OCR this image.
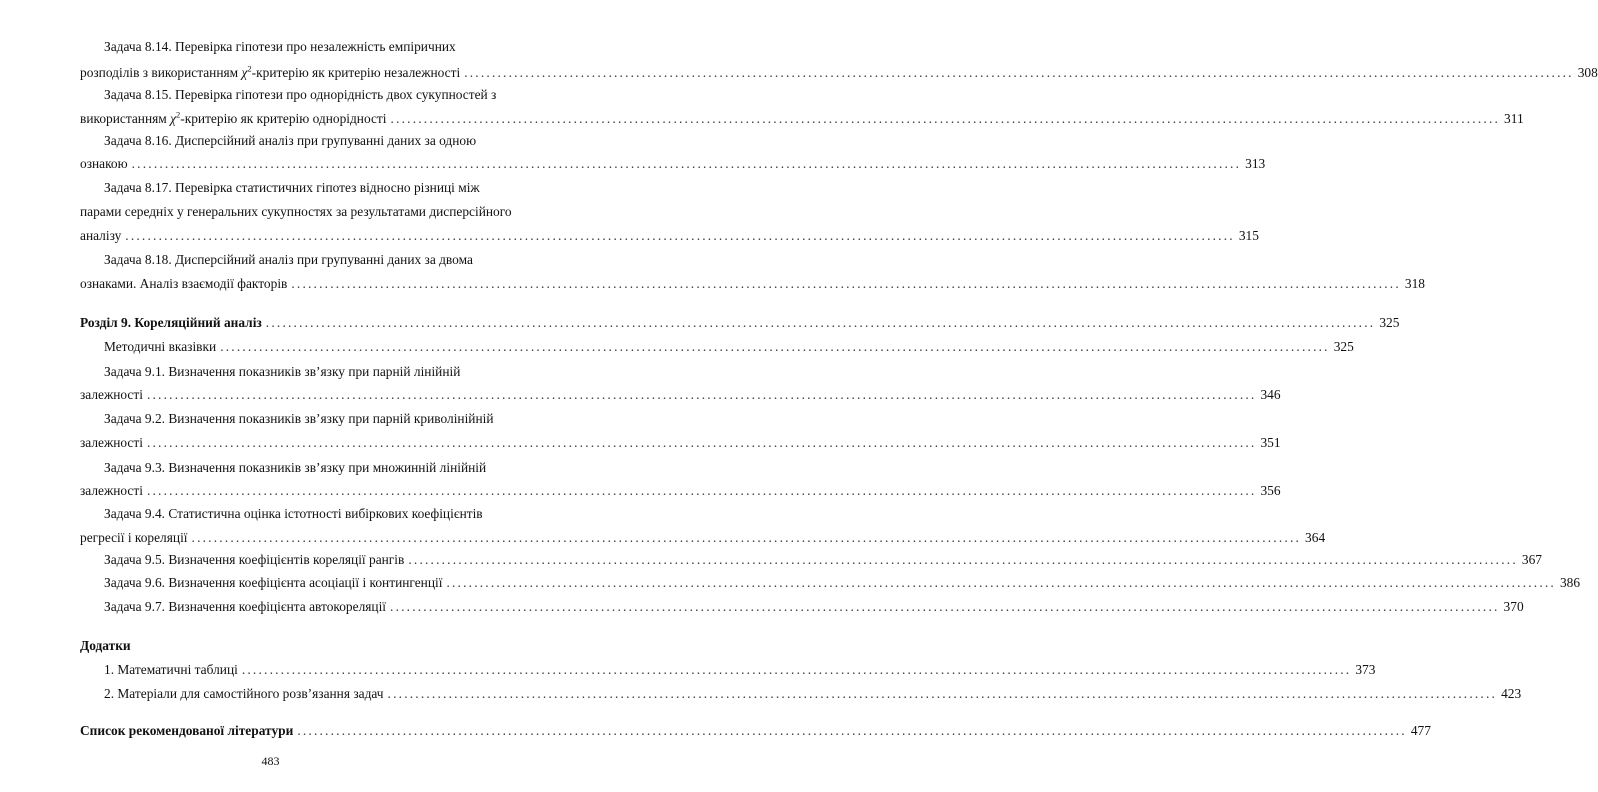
Задача 8.14. Перевірка гіпотези про незалежність емпіричних
розподілів з використанням $\chi^2$-критерію як критерію незалежності ........................................................................................................................................................................................................ 308
Задача 8.15. Перевірка гіпотези про однорідність двох сукупностей з
використанням $\chi^2$-критерію як критерію однорідності ........................................................................................................................................................................................................ 311
Задача 8.16. Дисперсійний аналіз при групуванні даних за одною
ознакою ........................................................................................................................................................................................................ 313
Задача 8.17. Перевірка статистичних гіпотез відносно різниці між
парами середніх у генеральних сукупностях за результатами дисперсійного
аналізу ........................................................................................................................................................................................................ 315
Задача 8.18. Дисперсійний аналіз при групуванні даних за двома
ознаками. Аналіз взаємодії факторів ........................................................................................................................................................................................................ 318
Розділ 9. Кореляційний аналіз ........................................................................................................................................................................................................ 325
Методичні вказівки ........................................................................................................................................................................................................ 325
Задача 9.1. Визначення показників зв’язку при парній лінійній
залежності ........................................................................................................................................................................................................ 346
Задача 9.2. Визначення показників зв’язку при парній криволінійній
залежності ........................................................................................................................................................................................................ 351
Задача 9.3. Визначення показників зв’язку при множинній лінійній
залежності ........................................................................................................................................................................................................ 356
Задача 9.4. Статистична оцінка істотності вибіркових коефіцієнтів
регресії і кореляції ........................................................................................................................................................................................................ 364
Задача 9.5. Визначення коефіцієнтів кореляції рангів ........................................................................................................................................................................................................ 367
Задача 9.6. Визначення коефіцієнта асоціації і контингенції ........................................................................................................................................................................................................ 386
Задача 9.7. Визначення коефіцієнта автокореляції ........................................................................................................................................................................................................ 370
Додатки
1. Математичні таблиці ........................................................................................................................................................................................................ 373
2. Матеріали для самостійного розв’язання задач ........................................................................................................................................................................................................ 423
Список рекомендованої літератури ........................................................................................................................................................................................................ 477
483
